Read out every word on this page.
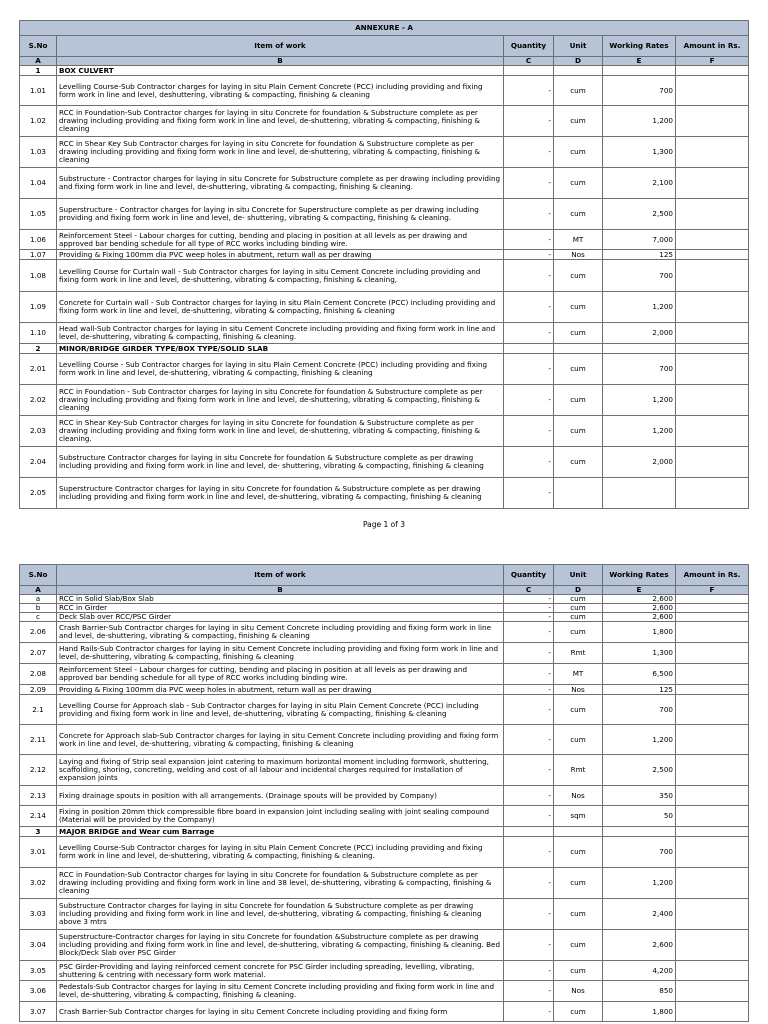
ANNEXURE - A					
S.No	Item of work	Quantity	Unit	Working Rates	Amount in Rs.
A	B	C	D	E	F
1	BOX CULVERT				
1.01	Levelling Course-Sub Contractor charges for laying in situ Plain Cement Concrete (PCC) including providing and fixing form work in line and level, deshuttering, vibrating & compacting, finishing & cleaning	-	cum	700	
1.02	RCC in Foundation-Sub Contractor charges for laying in situ Concrete for foundation & Substructure complete as per drawing including providing and fixing form work in line and level, de-shuttering, vibrating & compacting, finishing & cleaning	-	cum	1,200	
1.03	RCC in Shear Key Sub Contractor charges for laying in situ Concrete for foundation & Substructure complete as per drawing including providing and fixing form work in line and level, de-shuttering, vibrating & compacting, finishing & cleaning	-	cum	1,300	
1.04	Substructure - Contractor charges for laying in situ Concrete for Substructure complete as per drawing including providing and fixing form work in line and level, de-shuttering, vibrating & compacting, finishing & cleaning.	-	cum	2,100	
1.05	Superstructure - Contractor charges for laying in situ Concrete for Superstructure complete as per drawing including providing and fixing form work in line and level, de- shuttering, vibrating & compacting, finishing & cleaning.	-	cum	2,500	
1.06	Reinforcement Steel - Labour charges for cutting, bending and placing in position at all levels as per drawing and approved bar bending schedule for all type of RCC works including binding wire.	-	MT	7,000	
1.07	Providing & Fixing 100mm dia PVC weep holes in abutment, return wall as per drawing	-	Nos	125	
1.08	Levelling Course for Curtain wall - Sub Contractor charges for laying in situ Cement Concrete including providing and fixing form work in line and level, de-shuttering, vibrating & compacting, finishing & cleaning,	-	cum	700	
1.09	Concrete for Curtain wall - Sub Contractor charges for laying in situ Plain Cement Concrete (PCC) including providing and fixing form work in line and level, de-shuttering, vibrating & compacting, finishing & cleaning	-	cum	1,200	
1.10	Head wall-Sub Contractor charges for laying in situ Cement Concrete including providing and fixing form work in line and level, de-shuttering, vibrating & compacting, finishing & cleaning.	-	cum	2,000	
2	MINOR/BRIDGE GIRDER TYPE/BOX TYPE/SOLID SLAB				
2.01	Levelling Course - Sub Contractor charges for laying in situ Plain Cement Concrete (PCC) including providing and fixing form work in line and level, de-shuttering, vibrating & compacting, finishing & cleaning	-	cum	700	
2.02	RCC in Foundation - Sub Contractor charges for laying in situ Concrete for foundation & Substructure complete as per drawing including providing and fixing form work in line and level, de-shuttering, vibrating & compacting, finishing & cleaning	-	cum	1,200	
2.03	RCC in Shear Key-Sub Contractor charges for laying in situ Concrete for foundation & Substructure complete as per drawing including providing and fixing form work in line and level, de-shuttering, vibrating & compacting, finishing & cleaning.	-	cum	1,200	
2.04	Substructure Contractor charges for laying in situ Concrete for foundation & Substructure complete as per drawing including providing and fixing form work in line and level, de- shuttering, vibrating & compacting, finishing & cleaning	-	cum	2,000	
2.05	Superstructure Contractor charges for laying in situ Concrete for foundation & Substructure complete as per drawing including providing and fixing form work in line and level, de-shuttering, vibrating & compacting, finishing & cleaning	-			
Page 1 of 3
S.No	Item of work	Quantity	Unit	Working Rates	Amount in Rs.
A	B	C	D	E	F
a	RCC in Solid Slab/Box Slab	-	cum	2,600	
b	RCC in Girder	-	cum	2,600	
c	Deck Slab over RCC/PSC Girder	-	cum	2,600	
2.06	Crash Barrier-Sub Contractor charges for laying in situ Cement Concrete including providing and fixing form work in line and level, de-shuttering, vibrating & compacting, finishing & cleaning	-	cum	1,800	
2.07	Hand Rails-Sub Contractor charges for laying in situ Cement Concrete including providing and fixing form work in line and level, de-shuttering, vibrating & compacting, finishing & cleaning	-	Rmt	1,300	
2.08	Reinforcement Steel - Labour charges for cutting, bending and placing in position at all levels as per drawing and approved bar bending schedule for all type of RCC works including binding wire.	-	MT	6,500	
2.09	Providing & Fixing 100mm dia PVC weep holes in abutment, return wall as per drawing	-	Nos	125	
2.1	Levelling Course for Approach slab - Sub Contractor charges for laying in situ Plain Cement Concrete (PCC) including providing and fixing form work in line and level, de-shuttering, vibrating & compacting, finishing & cleaning	-	cum	700	
2.11	Concrete for Approach slab-Sub Contractor charges for laying in situ Cement Concrete including providing and fixing form work in line and level, de-shuttering, vibrating & compacting, finishing & cleaning	-	cum	1,200	
2.12	Laying and fixing of Strip seal expansion joint catering to maximum horizontal moment including formwork, shuttering, scaffolding, shoring, concreting, welding and cost of all labour and incidental charges required for installation of expansion joints	-	Rmt	2,500	
2.13	Fixing drainage spouts in position with all arrangements. (Drainage spouts will be provided by Company)	-	Nos	350	
2.14	Fixing in position 20mm thick compressible fibre board in expansion joint including sealing with joint sealing compound (Material will be provided by the Company)	-	sqm	50	
3	MAJOR BRIDGE and Wear cum Barrage				
3.01	Levelling Course-Sub Contractor charges for laying in situ Plain Cement Concrete (PCC) including providing and fixing form work in line and level, de-shuttering, vibrating & compacting, finishing & cleaning.	-	cum	700	
3.02	RCC in Foundation-Sub Contractor charges for laying in situ Concrete for foundation & Substructure complete as per drawing including providing and fixing form work in line and 38 level, de-shuttering, vibrating & compacting, finishing & cleaning	-	cum	1,200	
3.03	Substructure Contractor charges for laying in situ Concrete for foundation & Substructure complete as per drawing including providing and fixing form work in line and level, de-shuttering, vibrating & compacting, finishing & cleaning above 3 mtrs	-	cum	2,400	
3.04	Superstructure-Contractor charges for laying in situ Concrete for foundation &Substructure complete as per drawing including providing and fixing form work in line and level, de-shuttering, vibrating & compacting, finishing & cleaning. Bed Block/Deck Slab over PSC Girder	-	cum	2,600	
3.05	PSC Girder-Providing and laying reinforced cement concrete for PSC Girder including spreading, levelling, vibrating, shuttering & centring with necessary form work material.	-	cum	4,200	
3.06	Pedestals-Sub Contractor charges for laying in situ Cement Concrete including providing and fixing form work in line and level, de-shuttering, vibrating & compacting, finishing & cleaning.	-	Nos	850	
3.07	Crash Barrier-Sub Contractor charges for laying in situ Cement Concrete including providing and fixing form	-	cum	1,800	
